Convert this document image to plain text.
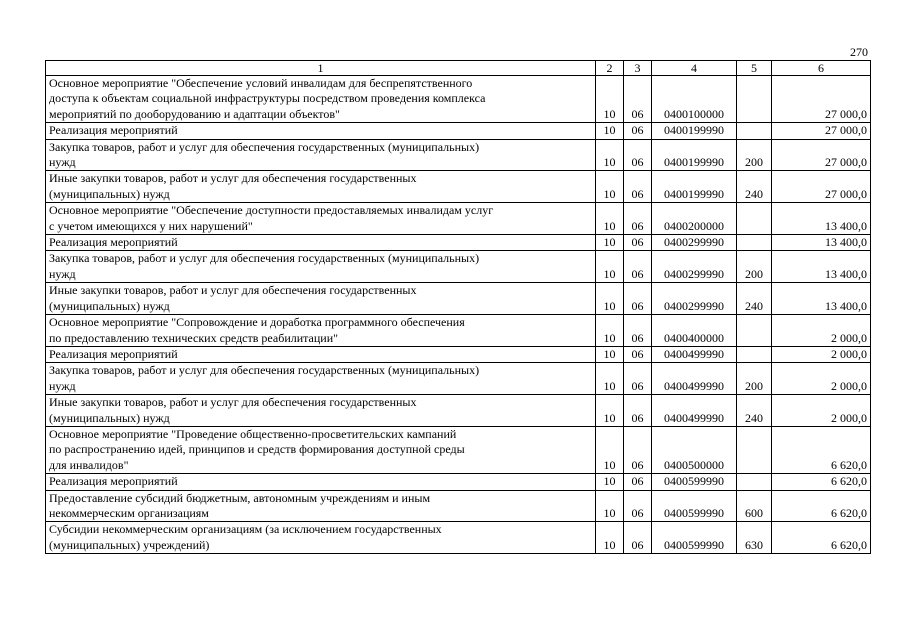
270
1	2	3	4	5	6

Основное мероприятие "Обеспечение условий инвалидам для беспрепятственного
доступа к объектам социальной инфраструктуры посредством проведения комплекса
мероприятий по дооборудованию и адаптации объектов"	10	06	0400100000		27 000,0

Реализация мероприятий	10	06	0400199990		27 000,0

Закупка товаров, работ и услуг для обеспечения государственных (муниципальных)
нужд	10	06	0400199990	200	27 000,0

Иные закупки товаров, работ и услуг для обеспечения государственных
(муниципальных) нужд	10	06	0400199990	240	27 000,0

Основное мероприятие "Обеспечение доступности предоставляемых инвалидам услуг
с учетом имеющихся у них нарушений"	10	06	0400200000		13 400,0

Реализация мероприятий	10	06	0400299990		13 400,0

Закупка товаров, работ и услуг для обеспечения государственных (муниципальных)
нужд	10	06	0400299990	200	13 400,0

Иные закупки товаров, работ и услуг для обеспечения государственных
(муниципальных) нужд	10	06	0400299990	240	13 400,0

Основное мероприятие "Сопровождение и доработка программного обеспечения
по предоставлению технических средств реабилитации"	10	06	0400400000		2 000,0

Реализация мероприятий	10	06	0400499990		2 000,0

Закупка товаров, работ и услуг для обеспечения государственных (муниципальных)
нужд	10	06	0400499990	200	2 000,0

Иные закупки товаров, работ и услуг для обеспечения государственных
(муниципальных) нужд	10	06	0400499990	240	2 000,0

Основное мероприятие "Проведение общественно-просветительских кампаний
по распространению идей, принципов и средств формирования доступной среды
для инвалидов"	10	06	0400500000		6 620,0

Реализация мероприятий	10	06	0400599990		6 620,0

Предоставление субсидий бюджетным, автономным учреждениям и иным
некоммерческим организациям	10	06	0400599990	600	6 620,0

Субсидии некоммерческим организациям (за исключением государственных
(муниципальных) учреждений)	10	06	0400599990	630	6 620,0
